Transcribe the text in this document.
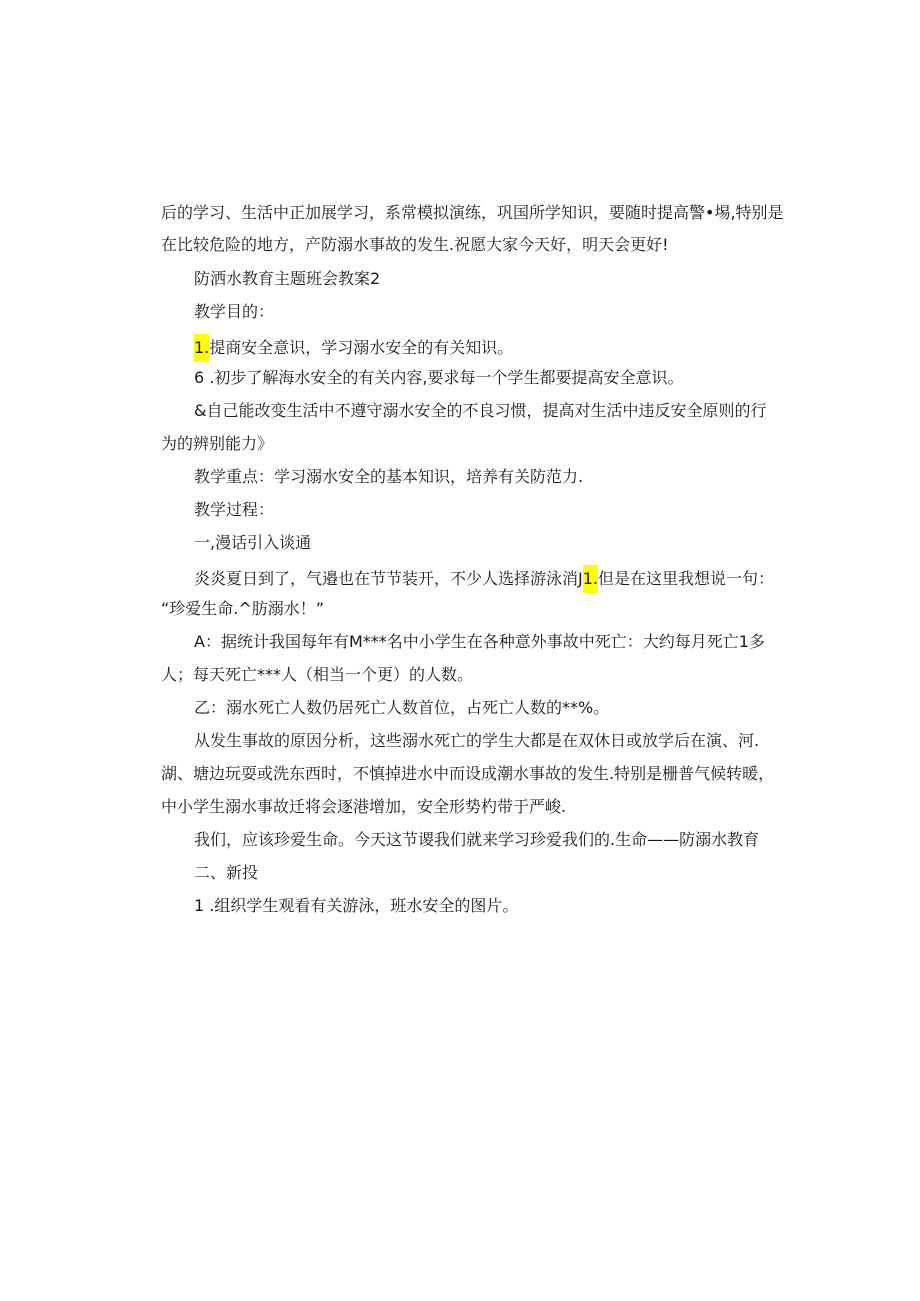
后的学习、生活中正加展学习，系常模拟演练，巩国所学知识，要随时提高警•埸,特别是
在比较危险的地方，产防溺水事故的发生.祝愿大家今天好，明天会更好!
防洒水教育主题班会教案2
教学目的：
1.提商安全意识，学习溺水安全的有关知识。
6 .初步了解海水安全的有关内容,要求每一个学生都要提高安全意识。
&自己能改变生活中不遵守溺水安全的不良习惯，提高对生活中违反安全原则的行
为的辨别能力》
教学重点：学习溺水安全的基本知识，培养有关防范力.
教学过程：
一,漫话引入谈通
炎炎夏日到了，气邉也在节节装开，不少人选择游泳消J1.但是在这里我想说一句：
“珍爱生命.^肪溺水！”
A：据统计我国每年有M***名中小学生在各种意外事故中死亡：大约每月死亡1多
人；每天死亡***人（相当一个更）的人数。
乙：溺水死亡人数仍居死亡人数首位，占死亡人数的**%。
从发生事故的原因分析，这些溺水死亡的学生大都是在双休日或放学后在演、河.
湖、塘边玩耍或洗东西时，不慎掉进水中而设成潮水事故的发生.特别是栅普气候转暖，
中小学生溺水事故迁将会逐港增加，安全形势杓带于严峻.
我们，应该珍爱生命。今天这节谡我们就来学习珍爱我们的.生命——防溺水教育
二、新投
1 .组织学生观看有关游泳，班水安全的图片。
